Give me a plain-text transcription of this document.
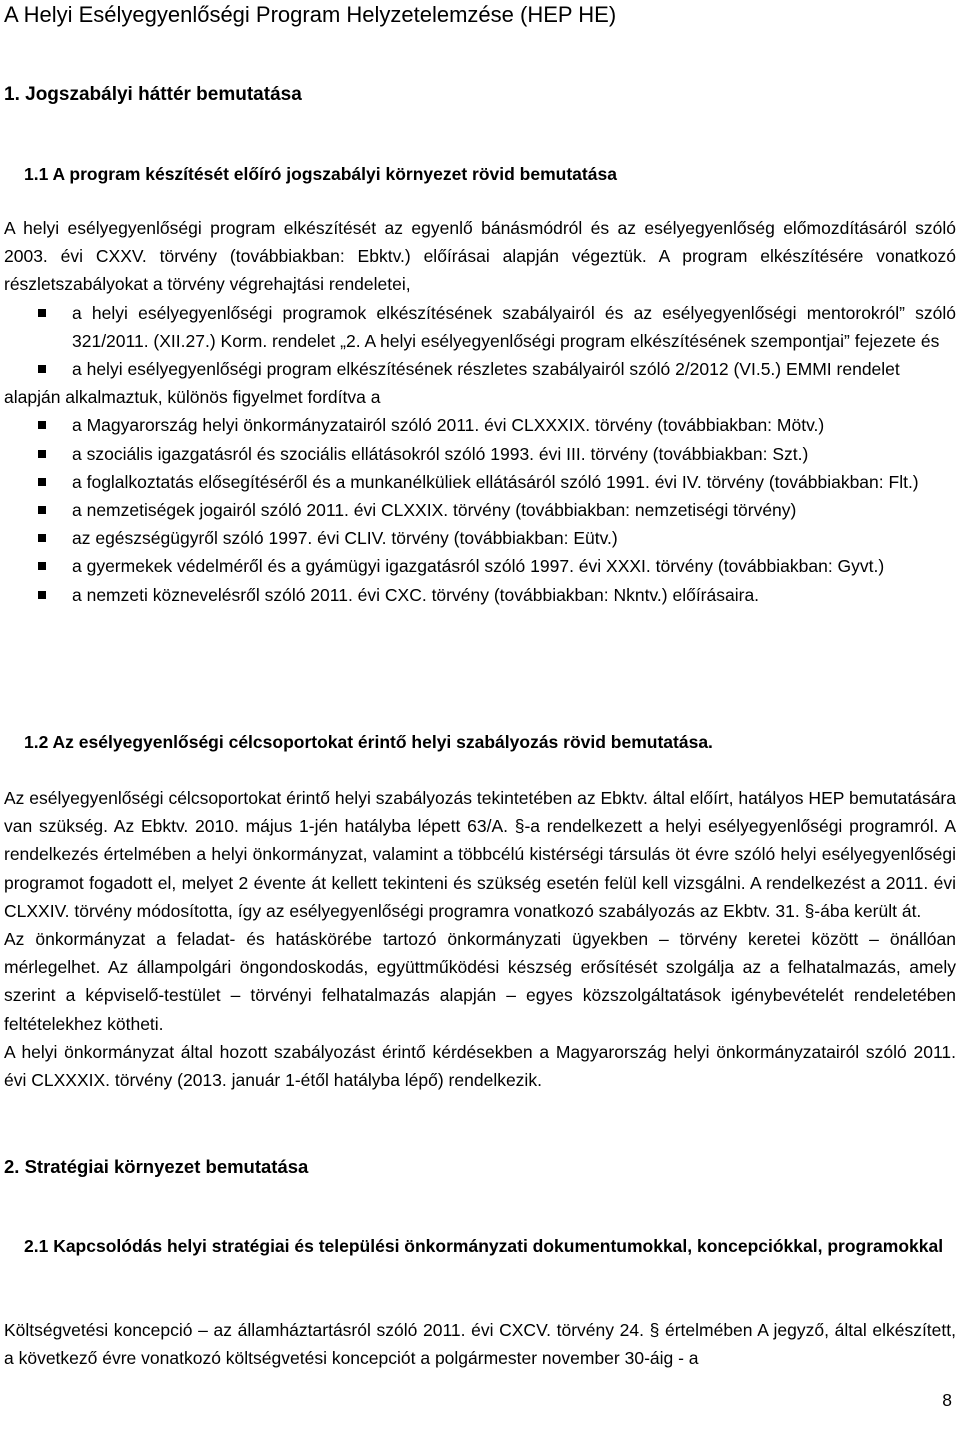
A Helyi Esélyegyenlőségi Program Helyzetelemzése (HEP HE)
1. Jogszabályi háttér bemutatása
1.1 A program készítését előíró jogszabályi környezet rövid bemutatása

A helyi esélyegyenlőségi program elkészítését az egyenlő bánásmódról és az esélyegyenlőség előmozdításáról szóló 2003. évi CXXV. törvény (továbbiakban: Ebktv.) előírásai alapján végeztük. A program elkészítésére vonatkozó részletszabályokat a törvény végrehajtási rendeletei,

a helyi esélyegyenlőségi programok elkészítésének szabályairól és az esélyegyenlőségi mentorokról” szóló 321/2011. (XII.27.) Korm. rendelet „2. A helyi esélyegyenlőségi program elkészítésének szempontjai” fejezete és
a helyi esélyegyenlőségi program elkészítésének részletes szabályairól szóló 2/2012 (VI.5.) EMMI rendelet

alapján alkalmaztuk, különös figyelmet fordítva a

a Magyarország helyi önkormányzatairól szóló 2011. évi CLXXXIX. törvény (továbbiakban: Mötv.)
a szociális igazgatásról és szociális ellátásokról szóló 1993. évi III. törvény (továbbiakban: Szt.)
a foglalkoztatás elősegítéséről és a munkanélküliek ellátásáról szóló 1991. évi IV. törvény (továbbiakban: Flt.)
a nemzetiségek jogairól szóló 2011. évi CLXXIX. törvény (továbbiakban: nemzetiségi törvény)
az egészségügyről szóló 1997. évi CLIV. törvény (továbbiakban: Eütv.)
a gyermekek védelméről és a gyámügyi igazgatásról szóló 1997. évi XXXI. törvény (továbbiakban: Gyvt.)
a nemzeti köznevelésről szóló 2011. évi CXC. törvény (továbbiakban: Nkntv.) előírásaira.
1.2 Az esélyegyenlőségi célcsoportokat érintő helyi szabályozás rövid bemutatása.

Az esélyegyenlőségi célcsoportokat érintő helyi szabályozás tekintetében az Ebktv. által előírt, hatályos HEP bemutatására van szükség. Az Ebktv. 2010. május 1-jén hatályba lépett 63/A. §-a rendelkezett a helyi esélyegyenlőségi programról. A rendelkezés értelmében a helyi önkormányzat, valamint a többcélú kistérségi társulás öt évre szóló helyi esélyegyenlőségi programot fogadott el, melyet 2 évente át kellett tekinteni és szükség esetén felül kell vizsgálni. A rendelkezést a 2011. évi CLXXIV. törvény módosította, így az esélyegyenlőségi programra vonatkozó szabályozás az Ekbtv. 31. §-ába került át.

Az önkormányzat a feladat- és hatáskörébe tartozó önkormányzati ügyekben – törvény keretei között – önállóan mérlegelhet. Az állampolgári öngondoskodás, együttműködési készség erősítését szolgálja az a felhatalmazás, amely szerint a képviselő-testület – törvényi felhatalmazás alapján – egyes közszolgáltatások igénybevételét rendeletében feltételekhez kötheti.

A helyi önkormányzat által hozott szabályozást érintő kérdésekben a Magyarország helyi önkormányzatairól szóló 2011. évi CLXXXIX. törvény (2013. január 1-étől hatályba lépő) rendelkezik.

2. Stratégiai környezet bemutatása
2.1 Kapcsolódás helyi stratégiai és települési önkormányzati dokumentumokkal, koncepciókkal, programokkal

Költségvetési koncepció – az államháztartásról szóló 2011. évi CXCV. törvény 24. § értelmében A jegyző, által elkészített, a következő évre vonatkozó költségvetési koncepciót a polgármester november 30-áig - a

8
